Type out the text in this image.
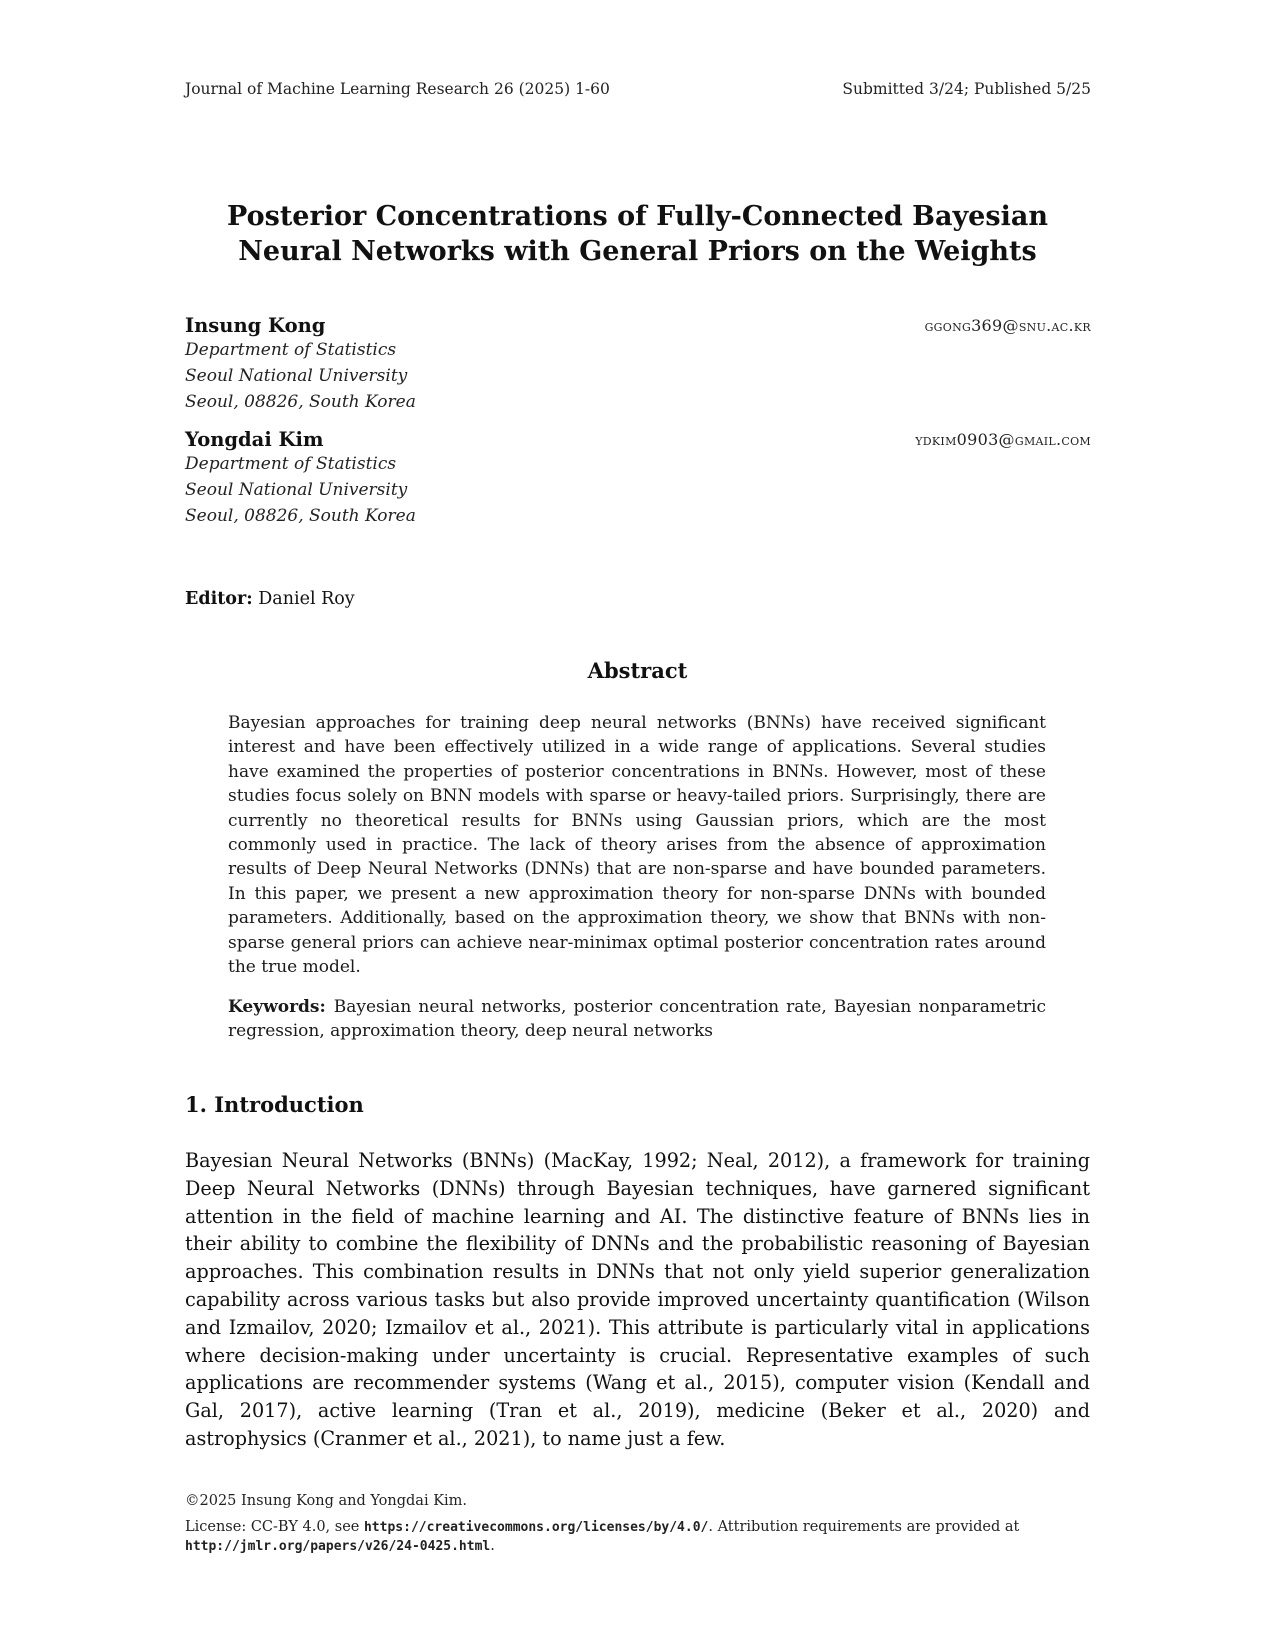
Journal of Machine Learning Research 26 (2025) 1-60	Submitted 3/24; Published 5/25
Posterior Concentrations of Fully-Connected Bayesian
Neural Networks with General Priors on the Weights
Insung Kong
Department of Statistics
Seoul National University
Seoul, 08826, South Korea
ggong369@snu.ac.kr
Yongdai Kim
Department of Statistics
Seoul National University
Seoul, 08826, South Korea
ydkim0903@gmail.com
Editor: Daniel Roy
Abstract
Bayesian approaches for training deep neural networks (BNNs) have received significant interest and have been effectively utilized in a wide range of applications. Several studies have examined the properties of posterior concentrations in BNNs. However, most of these studies focus solely on BNN models with sparse or heavy-tailed priors. Surprisingly, there are currently no theoretical results for BNNs using Gaussian priors, which are the most commonly used in practice. The lack of theory arises from the absence of approximation results of Deep Neural Networks (DNNs) that are non-sparse and have bounded parameters. In this paper, we present a new approximation theory for non-sparse DNNs with bounded parameters. Additionally, based on the approximation theory, we show that BNNs with non-sparse general priors can achieve near-minimax optimal posterior concentration rates around the true model.
Keywords: Bayesian neural networks, posterior concentration rate, Bayesian nonparametric regression, approximation theory, deep neural networks
1. Introduction
Bayesian Neural Networks (BNNs) (MacKay, 1992; Neal, 2012), a framework for training Deep Neural Networks (DNNs) through Bayesian techniques, have garnered significant attention in the field of machine learning and AI. The distinctive feature of BNNs lies in their ability to combine the flexibility of DNNs and the probabilistic reasoning of Bayesian approaches. This combination results in DNNs that not only yield superior generalization capability across various tasks but also provide improved uncertainty quantification (Wilson and Izmailov, 2020; Izmailov et al., 2021). This attribute is particularly vital in applications where decision-making under uncertainty is crucial. Representative examples of such applications are recommender systems (Wang et al., 2015), computer vision (Kendall and Gal, 2017), active learning (Tran et al., 2019), medicine (Beker et al., 2020) and astrophysics (Cranmer et al., 2021), to name just a few.
©2025 Insung Kong and Yongdai Kim.
License: CC-BY 4.0, see https://creativecommons.org/licenses/by/4.0/. Attribution requirements are provided at http://jmlr.org/papers/v26/24-0425.html.
